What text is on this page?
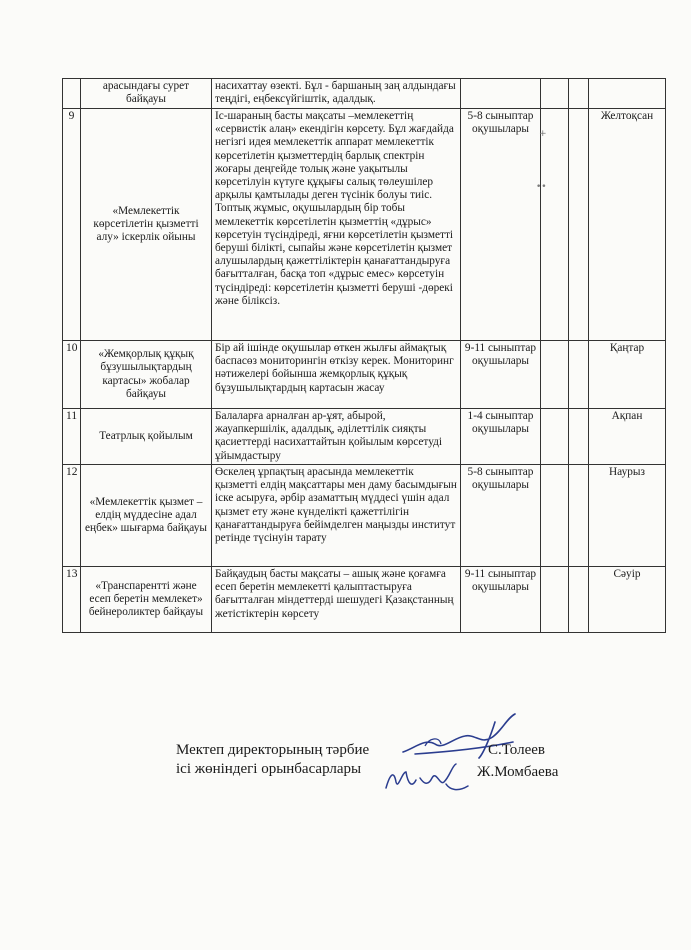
	арасындағы сурет байқауы	насихаттау өзекті. Бұл - баршаның заң алдындағы теңдігі, еңбексүйгіштік, адалдық.				
9	«Мемлекеттік көрсетілетін қызметті алу» іскерлік ойыны	Іс-шараның басты мақсаты –мемлекеттің «сервистік алаң» екендігін көрсету. Бұл жағдайда негізгі идея мемлекеттік аппарат мемлекеттік көрсетілетін қызметтердің барлық спектрін жоғары деңгейде толық және уақытылы көрсетілуін күтуге құқығы салық төлеушілер арқылы қамтылады деген түсінік болуы тиіс. Топтық жұмыс, оқушылардың бір тобы мемлекеттік көрсетілетін қызметтің «дұрыс» көрсетуін түсіндіреді, яғни көрсетілетін қызметті беруші білікті, сыпайы және көрсетілетін қызмет алушылардың қажеттіліктерін қанағаттандыруға бағытталған, басқа топ «дұрыс емес» көрсетуін түсіндіреді: көрсетілетін қызметті беруші -дөрекі және біліксіз.	5-8 сыныптар оқушылары			Желтоқсан
10	«Жемқорлық құқық бұзушылықтардың картасы» жобалар байқауы	Бір ай ішінде оқушылар өткен жылғы аймақтық баспасөз мониторингін өткізу керек. Мониторинг нәтижелері бойынша жемқорлық құқық бұзушылықтардың картасын жасау	9-11 сыныптар оқушылары			Қаңтар
11	Театрлық қойылым	Балаларға арналған ар-ұят, абырой, жауапкершілік, адалдық, әділеттілік сияқты қасиеттерді насихаттайтын қойылым көрсетуді ұйымдастыру	1-4 сыныптар оқушылары			Ақпан
12	«Мемлекеттік қызмет – елдің мүддесіне адал еңбек» шығарма байқауы	Өскелең ұрпақтың арасында мемлекеттік қызметті елдің мақсаттары мен даму басымдығын іске асыруға, әрбір азаматтың мүддесі үшін адал қызмет ету және күнделікті қажеттілігін қанағаттандыруға бейімделген маңызды институт ретінде түсінуін тарату	5-8 сыныптар оқушылары			Наурыз
13	«Транспарентті және есеп беретін мемлекет» бейнероликтер байқауы	Байқаудың басты мақсаты – ашық және қоғамға есеп беретін мемлекетті қалыптастыруға бағытталған міндеттерді шешудегі Қазақстанның жетістіктерін көрсету	9-11 сыныптар оқушылары			Сәуір
+
••
Мектеп директорының тәрбие
ісі жөніндегі орынбасарлары
С.Толеев
Ж.Момбаева
